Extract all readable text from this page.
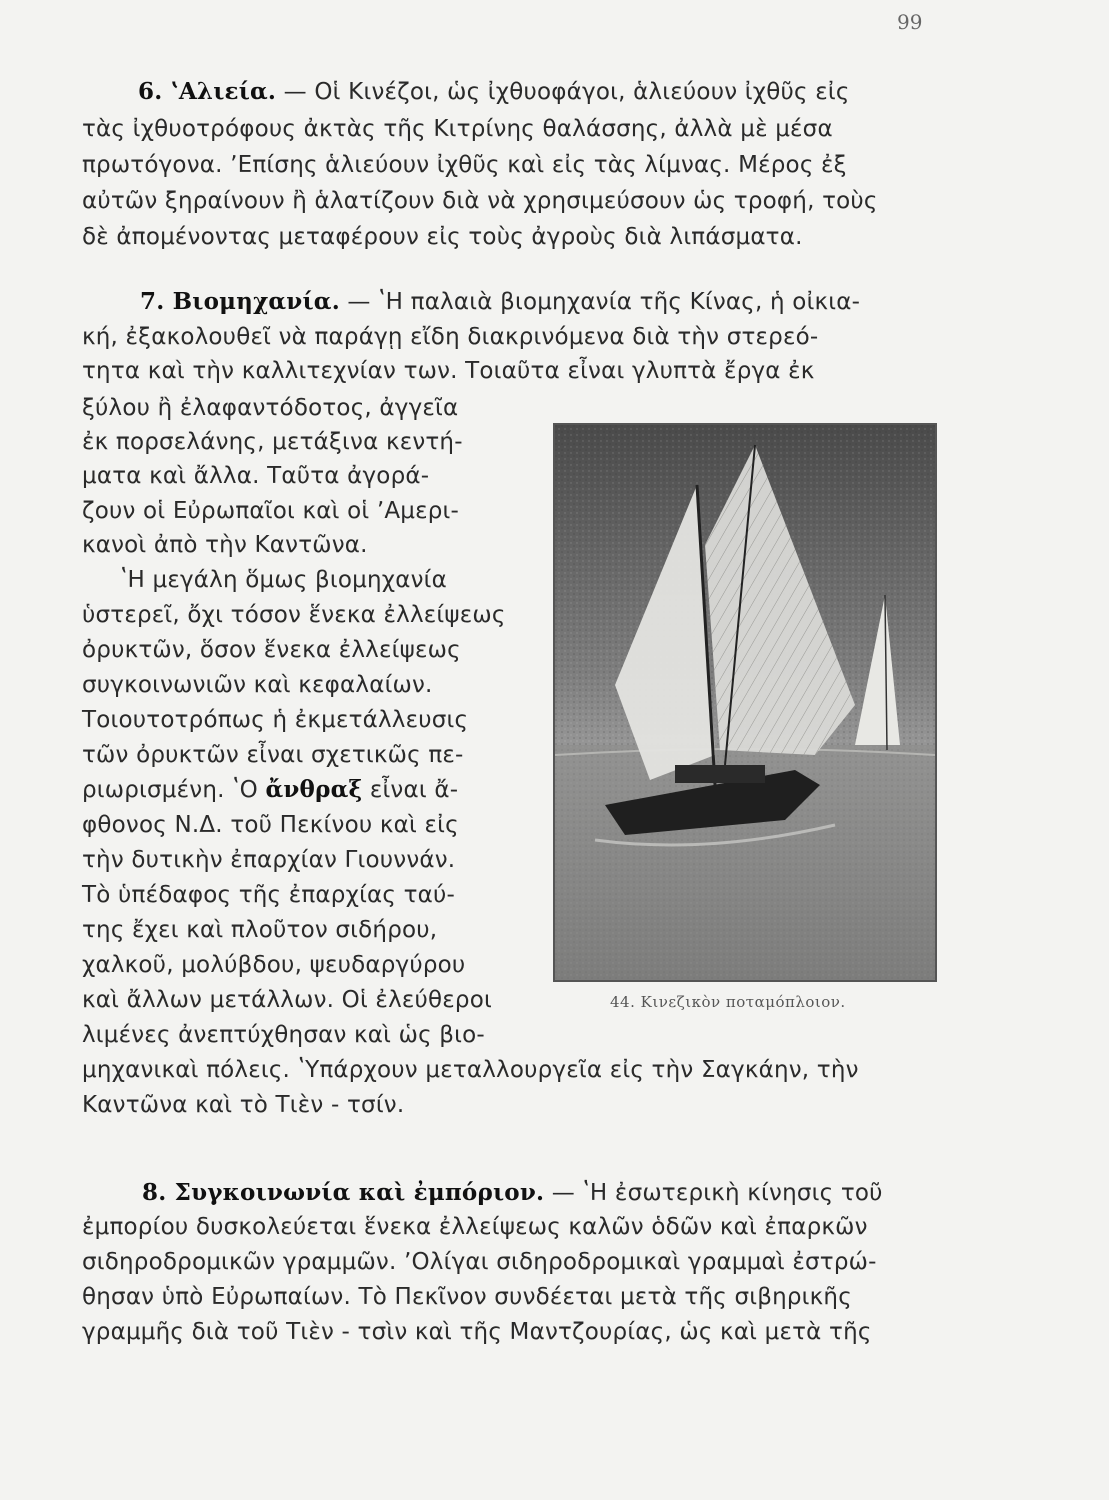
99
6. ʽΑλιεία. — Οἱ Κινέζοι, ὡς ἰχθυοφάγοι, ἁλιεύουν ἰχθῦς εἰς
τὰς ἰχθυοτρόφους ἀκτὰς τῆς Κιτρίνης θαλάσσης, ἀλλὰ μὲ μέσα
πρωτόγονα. ʼΕπίσης ἁλιεύουν ἰχθῦς καὶ εἰς τὰς λίμνας. Μέρος ἐξ
αὐτῶν ξηραίνουν ἢ ἁλατίζουν διὰ νὰ χρησιμεύσουν ὡς τροφή, τοὺς
δὲ ἀπομένοντας μεταφέρουν εἰς τοὺς ἀγροὺς διὰ λιπάσματα.
7. Βιομηχανία. — ʽΗ παλαιὰ βιομηχανία τῆς Κίνας, ἡ οἰκια-
κή, ἐξακολουθεῖ νὰ παράγῃ εἴδη διακρινόμενα διὰ τὴν στερεό-
τητα καὶ τὴν καλλιτεχνίαν των. Τοιαῦτα εἶναι γλυπτὰ ἔργα ἐκ
ξύλου ἢ ἐλαφαντόδοτος, ἀγγεῖα
ἐκ πορσελάνης, μετάξινα κεντή-
ματα καὶ ἄλλα. Ταῦτα ἀγορά-
ζουν οἱ Εὐρωπαῖοι καὶ οἱ ʼΑμερι-
κανοὶ ἀπὸ τὴν Καντῶνα.
ʽΗ μεγάλη ὅμως βιομηχανία
ὑστερεῖ, ὄχι τόσον ἕνεκα ἐλλείψεως
ὀρυκτῶν, ὅσον ἕνεκα ἐλλείψεως
συγκοινωνιῶν καὶ κεφαλαίων.
Τοιουτοτρόπως ἡ ἐκμετάλλευσις
τῶν ὀρυκτῶν εἶναι σχετικῶς πε-
ριωρισμένη. ʽΟ ἄνθραξ εἶναι ἄ-
φθονος Ν.Δ. τοῦ Πεκίνου καὶ εἰς
τὴν δυτικὴν ἐπαρχίαν Γιουννάν.
Τὸ ὑπέδαφος τῆς ἐπαρχίας ταύ-
της ἔχει καὶ πλοῦτον σιδήρου,
χαλκοῦ, μολύβδου, ψευδαργύρου
καὶ ἄλλων μετάλλων. Οἱ ἐλεύθεροι
λιμένες ἀνεπτύχθησαν καὶ ὡς βιο-
μηχανικαὶ πόλεις. ʽΥπάρχουν μεταλλουργεῖα εἰς τὴν Σαγκάην, τὴν
Καντῶνα καὶ τὸ Τιὲν - τσίν.
44. Κινεζικὸν ποταμόπλοιον.
8. Συγκοινωνία καὶ ἐμπόριον. — ʽΗ ἐσωτερικὴ κίνησις τοῦ
ἐμπορίου δυσκολεύεται ἕνεκα ἐλλείψεως καλῶν ὁδῶν καὶ ἐπαρκῶν
σιδηροδρομικῶν γραμμῶν. ʼΟλίγαι σιδηροδρομικαὶ γραμμαὶ ἐστρώ-
θησαν ὑπὸ Εὐρωπαίων. Τὸ Πεκῖνον συνδέεται μετὰ τῆς σιβηρικῆς
γραμμῆς διὰ τοῦ Τιὲν - τσὶν καὶ τῆς Μαντζουρίας, ὡς καὶ μετὰ τῆς
